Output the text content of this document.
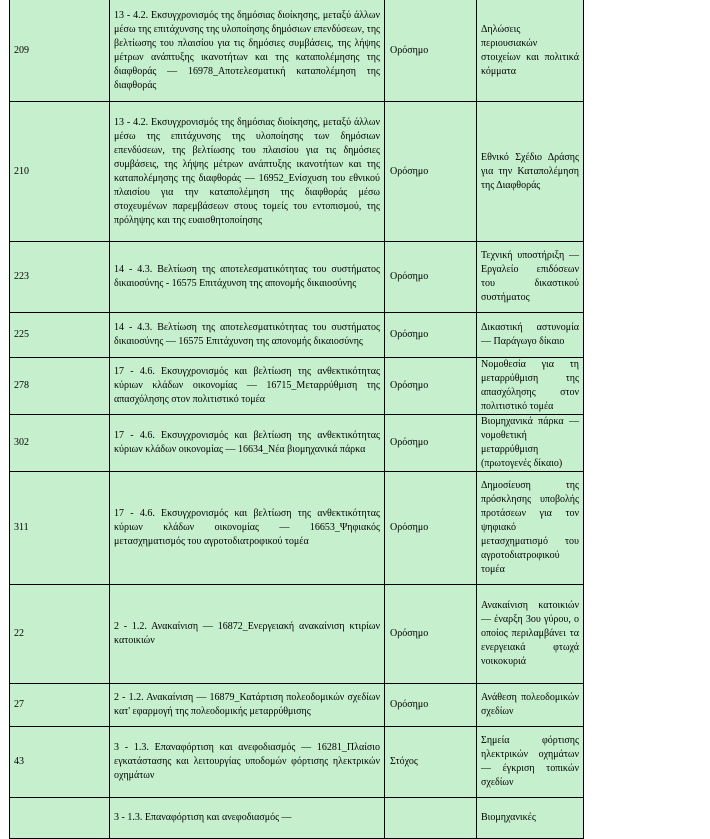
209	13 - 4.2. Εκσυγχρονισμός της δημόσιας διοίκησης, μεταξύ άλλων μέσω της επιτάχυνσης της υλοποίησης δημόσιων επενδύσεων, της βελτίωσης του πλαισίου για τις δημόσιες συμβάσεις, της λήψης μέτρων ανάπτυξης ικανοτήτων και της καταπολέμησης της διαφθοράς — 16978_Αποτελεσματική καταπολέμηση της διαφθοράς	Ορόσημο	Δηλώσεις περιουσιακών στοιχείων και πολιτικά κόμματα
210	13 - 4.2. Εκσυγχρονισμός της δημόσιας διοίκησης, μεταξύ άλλων μέσω της επιτάχυνσης της υλοποίησης των δημόσιων επενδύσεων, της βελτίωσης του πλαισίου για τις δημόσιες συμβάσεις, της λήψης μέτρων ανάπτυξης ικανοτήτων και της καταπολέμησης της διαφθοράς — 16952_Ενίσχυση του εθνικού πλαισίου για την καταπολέμηση της διαφθοράς μέσω στοχευμένων παρεμβάσεων στους τομείς του εντοπισμού, της πρόληψης και της ευαισθητοποίησης	Ορόσημο	Εθνικό Σχέδιο Δράσης για την Καταπολέμηση της Διαφθοράς
223	14 - 4.3. Βελτίωση της αποτελεσματικότητας του συστήματος δικαιοσύνης - 16575 Επιτάχυνση της απονομής δικαιοσύνης	Ορόσημο	Τεχνική υποστήριξη — Εργαλείο επιδόσεων του δικαστικού συστήματος
225	14 - 4.3. Βελτίωση της αποτελεσματικότητας του συστήματος δικαιοσύνης — 16575 Επιτάχυνση της απονομής δικαιοσύνης	Ορόσημο	Δικαστική αστυνομία — Παράγωγο δίκαιο
278	17 - 4.6. Εκσυγχρονισμός και βελτίωση της ανθεκτικότητας κύριων κλάδων οικονομίας — 16715_Μεταρρύθμιση της απασχόλησης στον πολιτιστικό τομέα	Ορόσημο	Νομοθεσία για τη μεταρρύθμιση της απασχόλησης στον πολιτιστικό τομέα
302	17 - 4.6. Εκσυγχρονισμός και βελτίωση της ανθεκτικότητας κύριων κλάδων οικονομίας — 16634_Νέα βιομηχανικά πάρκα	Ορόσημο	Βιομηχανικά πάρκα — νομοθετική μεταρρύθμιση (πρωτογενές δίκαιο)
311	17 - 4.6. Εκσυγχρονισμός και βελτίωση της ανθεκτικότητας κύριων κλάδων οικονομίας — 16653_Ψηφιακός μετασχηματισμός του αγροτοδιατροφικού τομέα	Ορόσημο	Δημοσίευση της πρόσκλησης υποβολής προτάσεων για τον ψηφιακό μετασχηματισμό του αγροτοδιατροφικού τομέα
22	2 - 1.2. Ανακαίνιση — 16872_Ενεργειακή ανακαίνιση κτιρίων κατοικιών	Ορόσημο	Ανακαίνιση κατοικιών — έναρξη 3ου γύρου, ο οποίος περιλαμβάνει τα ενεργειακά φτωχά νοικοκυριά
27	2 - 1.2. Ανακαίνιση — 16879_Κατάρτιση πολεοδομικών σχεδίων κατ' εφαρμογή της πολεοδομικής μεταρρύθμισης	Ορόσημο	Ανάθεση πολεοδομικών σχεδίων
43	3 - 1.3. Επαναφόρτιση και ανεφοδιασμός — 16281_Πλαίσιο εγκατάστασης και λειτουργίας υποδομών φόρτισης ηλεκτρικών οχημάτων	Στόχος	Σημεία φόρτισης ηλεκτρικών οχημάτων — έγκριση τοπικών σχεδίων
	3 - 1.3. Επαναφόρτιση και ανεφοδιασμός —		Βιομηχανικές
